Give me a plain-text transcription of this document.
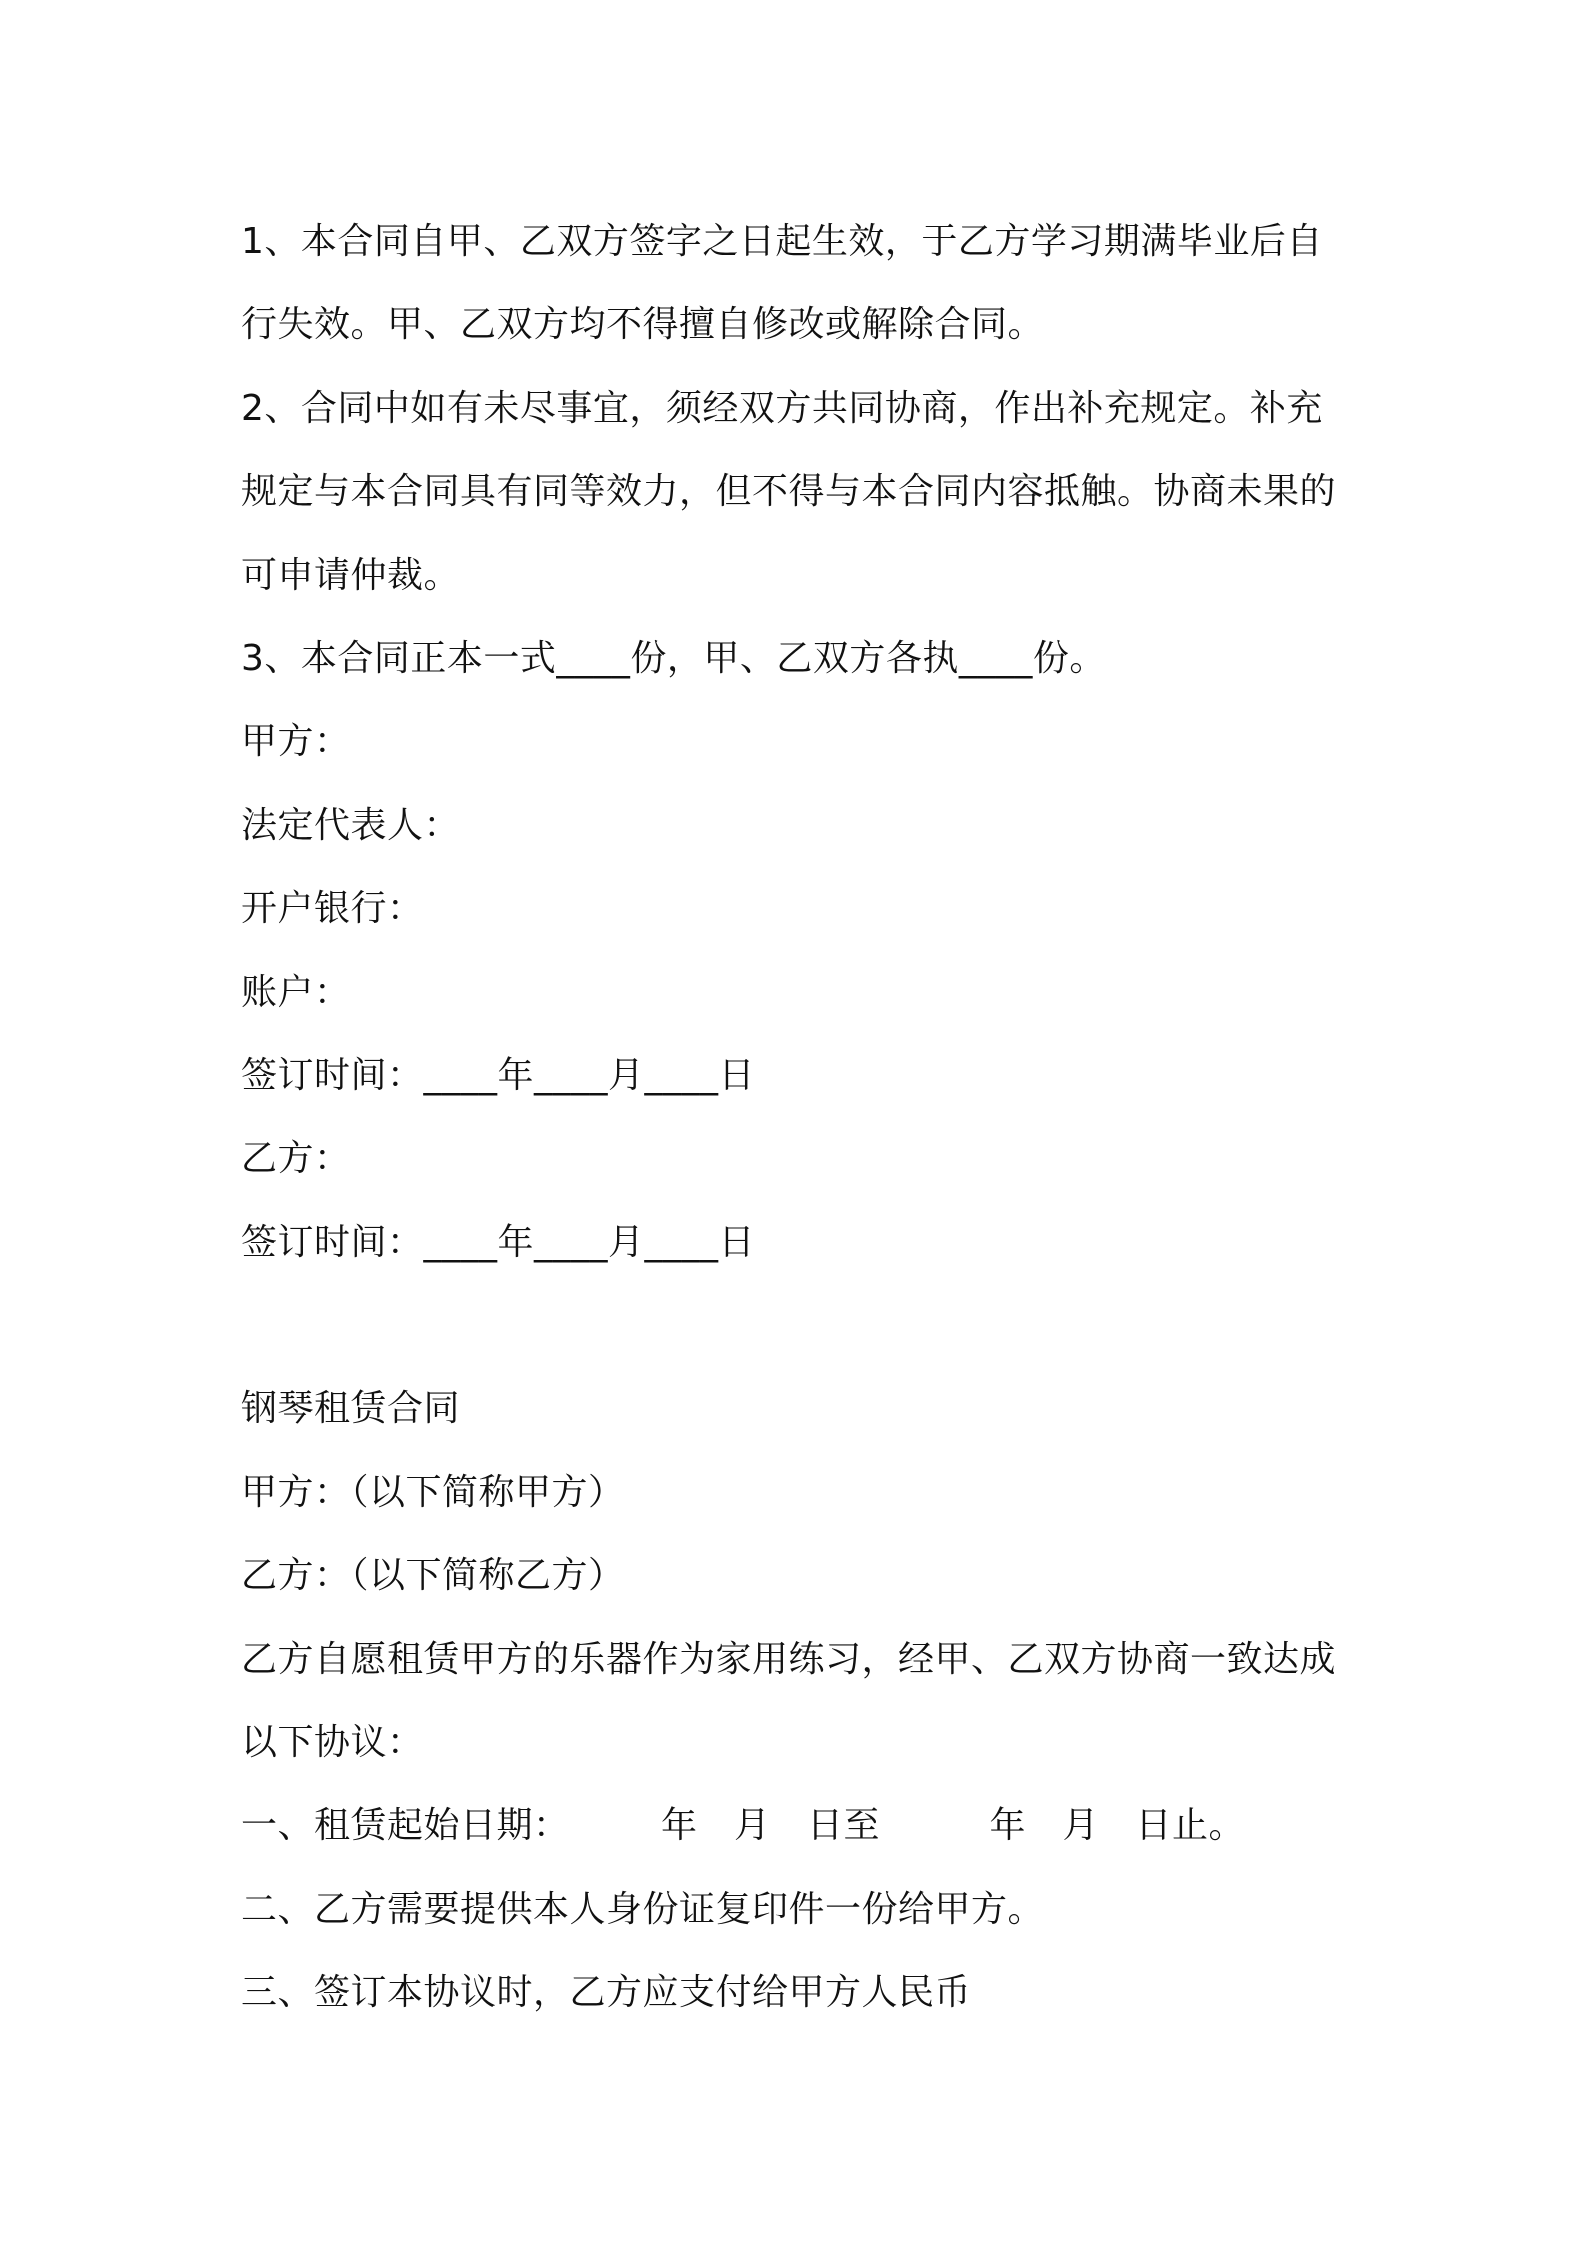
1、本合同自甲、乙双方签字之日起生效，于乙方学习期满毕业后自
行失效。甲、乙双方均不得擅自修改或解除合同。
2、合同中如有未尽事宜，须经双方共同协商，作出补充规定。补充
规定与本合同具有同等效力，但不得与本合同内容抵触。协商未果的
可申请仲裁。
3、本合同正本一式____份，甲、乙双方各执____份。
甲方：
法定代表人：
开户银行：
账户：
签订时间：____年____月____日
乙方：
签订时间：____年____月____日
钢琴租赁合同
甲方：（以下简称甲方）
乙方：（以下简称乙方）
乙方自愿租赁甲方的乐器作为家用练习，经甲、乙双方协商一致达成
以下协议：
一、租赁起始日期：　　　年　月　日至　　　年　月　日止。
二、乙方需要提供本人身份证复印件一份给甲方。
三、签订本协议时，乙方应支付给甲方人民币
